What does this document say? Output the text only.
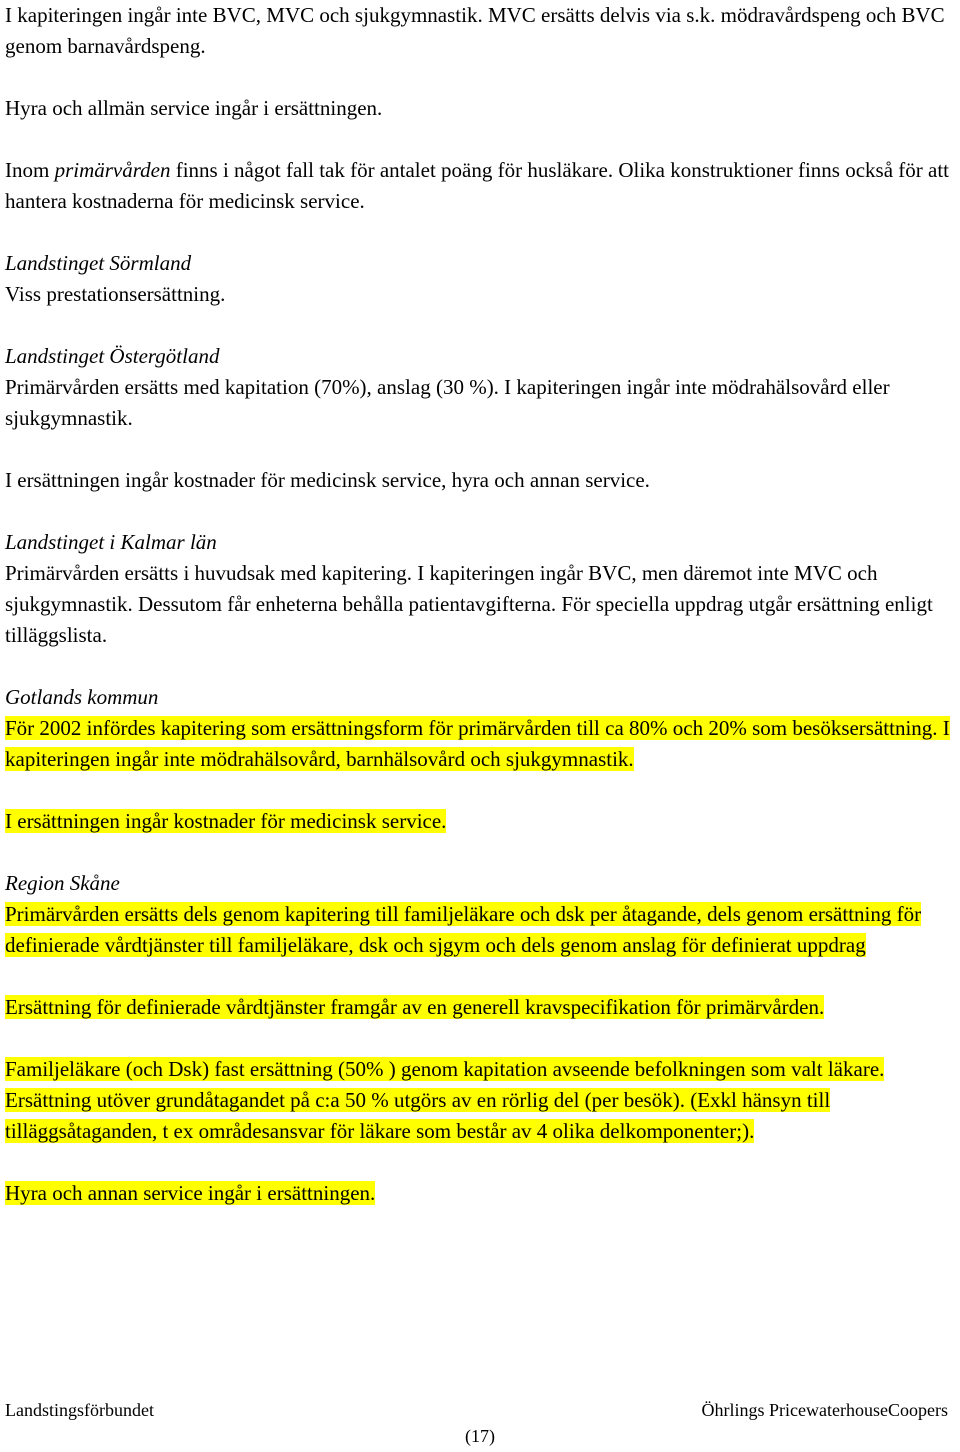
I kapiteringen ingår inte BVC, MVC och sjukgymnastik. MVC ersätts delvis via s.k. mödravårdspeng och BVC genom barnavårdspeng.

Hyra och allmän service ingår i ersättningen.

Inom primärvården finns i något fall tak för antalet poäng för husläkare. Olika konstruktioner finns också för att hantera kostnaderna för medicinsk service.

Landstinget Sörmland

Viss prestationsersättning.

Landstinget Östergötland

Primärvården ersätts med kapitation (70%), anslag (30 %). I kapiteringen ingår inte mödrahälsovård eller sjukgymnastik.

I ersättningen ingår kostnader för medicinsk service, hyra och annan service.

Landstinget i Kalmar län

Primärvården ersätts i huvudsak med kapitering. I kapiteringen ingår BVC, men däremot inte MVC och sjukgymnastik. Dessutom får enheterna behålla patientavgifterna. För speciella uppdrag utgår ersättning enligt tilläggslista.

Gotlands kommun

För 2002 infördes kapitering som ersättningsform för primärvården till ca 80% och 20% som besöksersättning. I kapiteringen ingår inte mödrahälsovård, barnhälsovård och sjukgymnastik.

I ersättningen ingår kostnader för medicinsk service.

Region Skåne

Primärvården ersätts dels genom kapitering till familjeläkare och dsk per åtagande, dels genom ersättning för definierade vårdtjänster till familjeläkare, dsk och sjgym och dels genom anslag för definierat uppdrag

Ersättning för definierade vårdtjänster framgår av en generell kravspecifikation för primärvården.

Familjeläkare (och Dsk) fast ersättning (50% ) genom kapitation avseende befolkningen som valt läkare. Ersättning utöver grundåtagandet på c:a 50 % utgörs av en rörlig del (per besök). (Exkl hänsyn till tilläggsåtaganden, t ex områdesansvar för läkare som består av 4 olika delkomponenter;).

Hyra och annan service ingår i ersättningen.

Landstingsförbundet	Öhrlings PricewaterhouseCoopers
(17)
